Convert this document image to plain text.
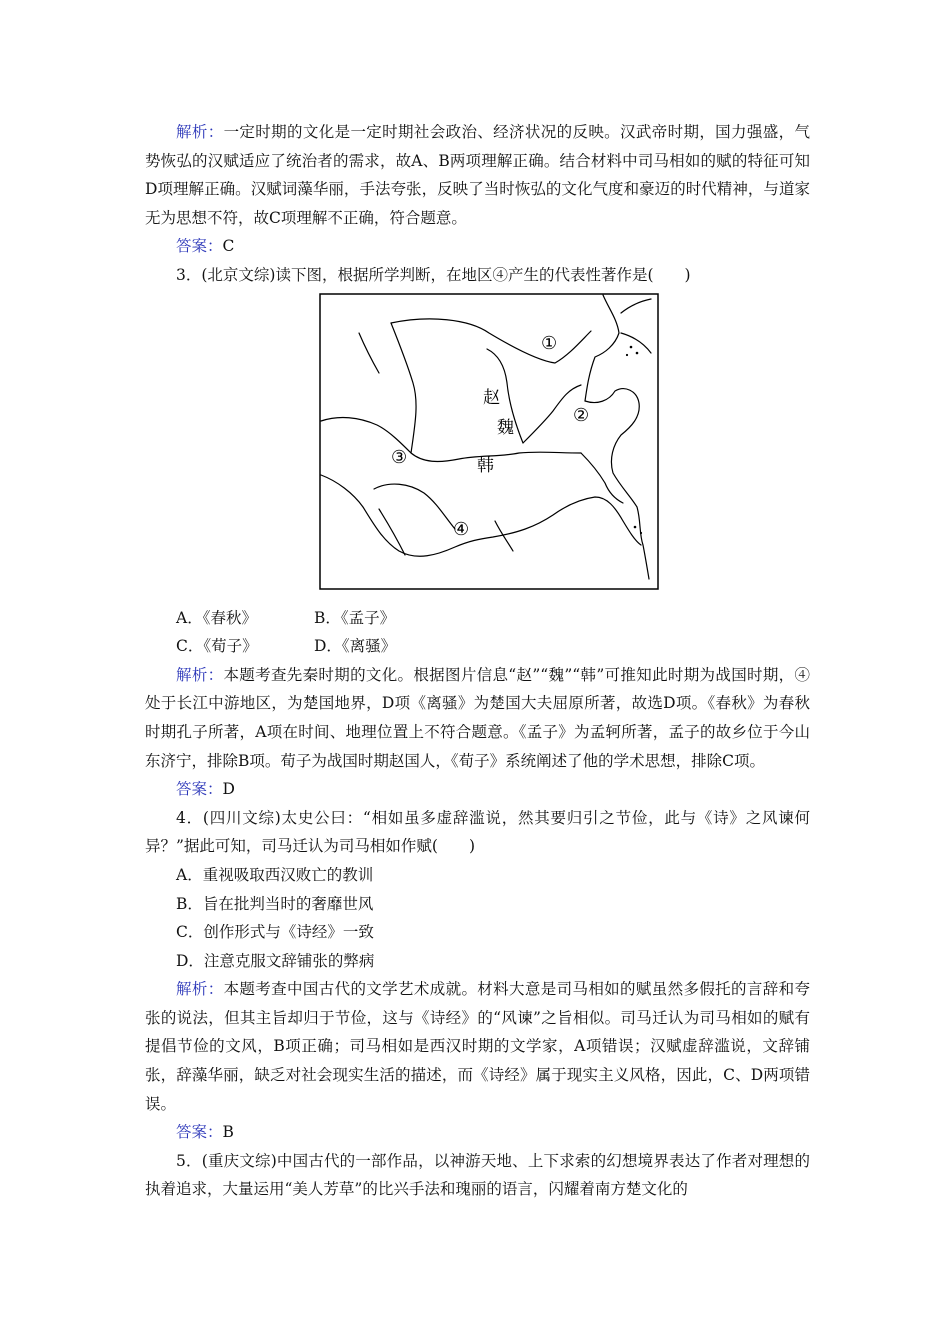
解析：一定时期的文化是一定时期社会政治、经济状况的反映。汉武帝时期，国力强盛，气势恢弘的汉赋适应了统治者的需求，故A、B两项理解正确。结合材料中司马相如的赋的特征可知D项理解正确。汉赋词藻华丽，手法夸张，反映了当时恢弘的文化气度和豪迈的时代精神，与道家无为思想不符，故C项理解不正确，符合题意。

答案：C

3．(北京文综)读下图，根据所学判断，在地区④产生的代表性著作是(　　)

赵
魏
韩
①
②
③
④

A．《春秋》	B．《孟子》

C．《荀子》	D．《离骚》

解析：本题考查先秦时期的文化。根据图片信息“赵”“魏”“韩”可推知此时期为战国时期，④处于长江中游地区，为楚国地界，D项《离骚》为楚国大夫屈原所著，故选D项。《春秋》为春秋时期孔子所著，A项在时间、地理位置上不符合题意。《孟子》为孟轲所著，孟子的故乡位于今山东济宁，排除B项。荀子为战国时期赵国人，《荀子》系统阐述了他的学术思想，排除C项。

答案：D

4．(四川文综)太史公曰：“相如虽多虚辞滥说，然其要归引之节俭，此与《诗》之风谏何异？”据此可知，司马迁认为司马相如作赋(　　)

A．重视吸取西汉败亡的教训

B．旨在批判当时的奢靡世风

C．创作形式与《诗经》一致

D．注意克服文辞铺张的弊病

解析：本题考查中国古代的文学艺术成就。材料大意是司马相如的赋虽然多假托的言辞和夸张的说法，但其主旨却归于节俭，这与《诗经》的“风谏”之旨相似。司马迁认为司马相如的赋有提倡节俭的文风，B项正确；司马相如是西汉时期的文学家，A项错误；汉赋虚辞滥说，文辞铺张，辞藻华丽，缺乏对社会现实生活的描述，而《诗经》属于现实主义风格，因此，C、D两项错误。

答案：B

5．(重庆文综)中国古代的一部作品，以神游天地、上下求索的幻想境界表达了作者对理想的执着追求，大量运用“美人芳草”的比兴手法和瑰丽的语言，闪耀着南方楚文化的
